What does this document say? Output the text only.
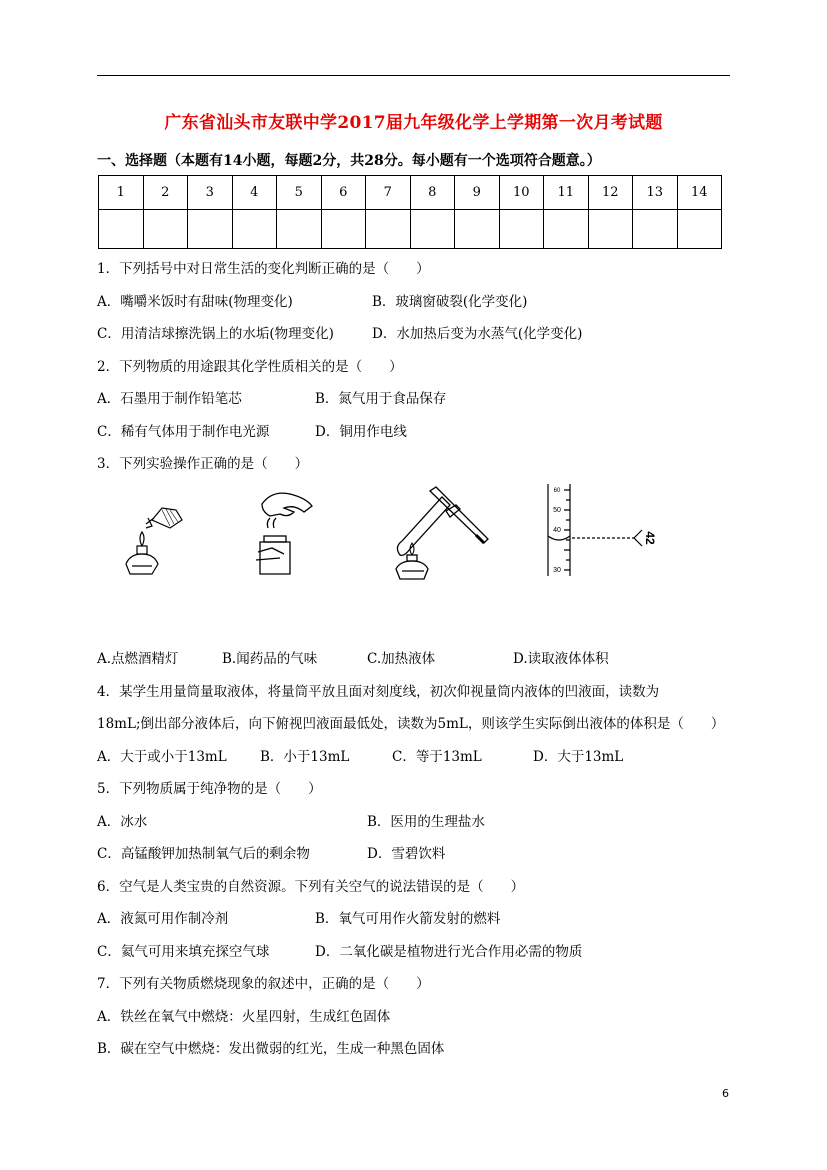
广东省汕头市友联中学2017届九年级化学上学期第一次月考试题
一、选择题（本题有14小题，每题2分，共28分。每小题有一个选项符合题意。）
1	2	3	4	5	6	7	8	9	10	11	12	13	14

1．下列括号中对日常生活的变化判断正确的是（　　）
A．嘴嚼米饭时有甜味(物理变化)	B．玻璃窗破裂(化学变化)
C．用清洁球擦洗锅上的水垢(物理变化)	D．水加热后变为水蒸气(化学变化)
2．下列物质的用途跟其化学性质相关的是（　　）
A．石墨用于制作铅笔芯	B．氮气用于食品保存
C．稀有气体用于制作电光源	D．铜用作电线
3．下列实验操作正确的是（　　）
60
50
40
30
42
A.点燃酒精灯	B.闻药品的气味	C.加热液体	D.读取液体体积
4．某学生用量筒量取液体，将量筒平放且面对刻度线，初次仰视量筒内液体的凹液面，读数为
18mL;倒出部分液体后，向下俯视凹液面最低处，读数为5mL，则该学生实际倒出液体的体积是（　　）
A．大于或小于13mL B．小于13mL	C．等于13mL	D．大于13mL
5．下列物质属于纯净物的是（　　）
A．冰水	B．医用的生理盐水
C．高锰酸钾加热制氧气后的剩余物	D．雪碧饮料
6．空气是人类宝贵的自然资源。下列有关空气的说法错误的是（　　）
A．液氮可用作制冷剂	B．氧气可用作火箭发射的燃料
C．氦气可用来填充探空气球	D．二氧化碳是植物进行光合作用必需的物质
7．下列有关物质燃烧现象的叙述中，正确的是（　　）
A．铁丝在氧气中燃烧：火星四射，生成红色固体
B．碳在空气中燃烧：发出微弱的红光，生成一种黑色固体
6
